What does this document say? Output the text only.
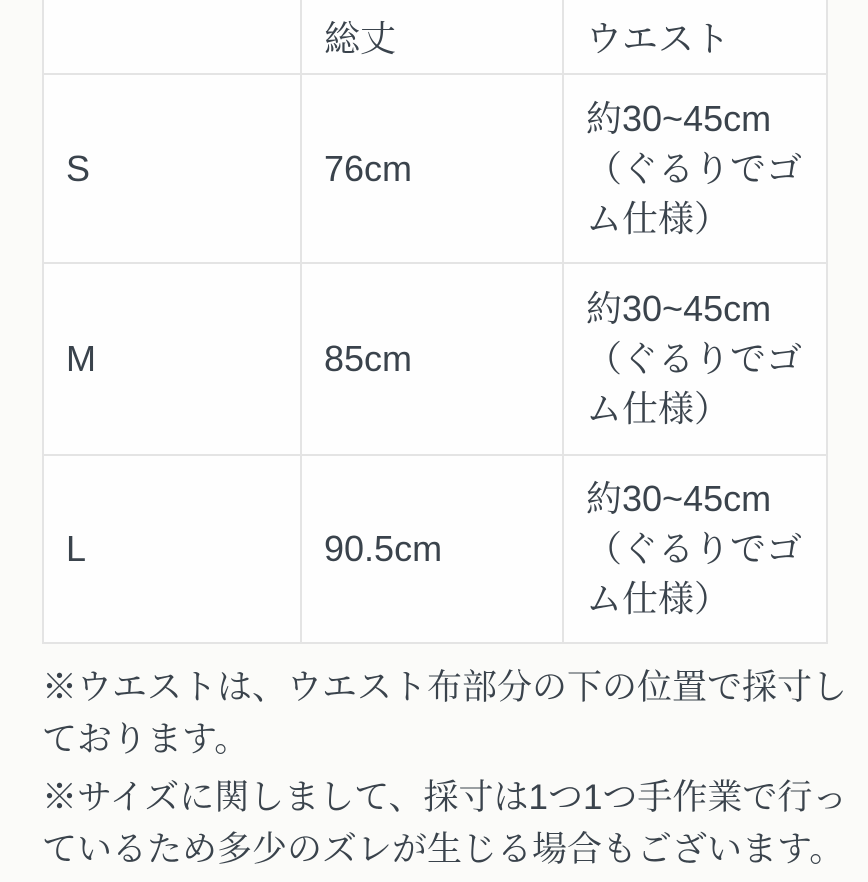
	総丈	ウエスト
S	76cm	約30~45cm
（ぐるりでゴ
ム仕様）

M	85cm	約30~45cm
（ぐるりでゴ
ム仕様）

L	90.5cm	約30~45cm
（ぐるりでゴ
ム仕様）
※ウエストは、ウエスト布部分の下の位置で採寸し
ております。
※サイズに関しまして、採寸は1つ1つ手作業で行っ
ているため多少のズレが生じる場合もございます。
